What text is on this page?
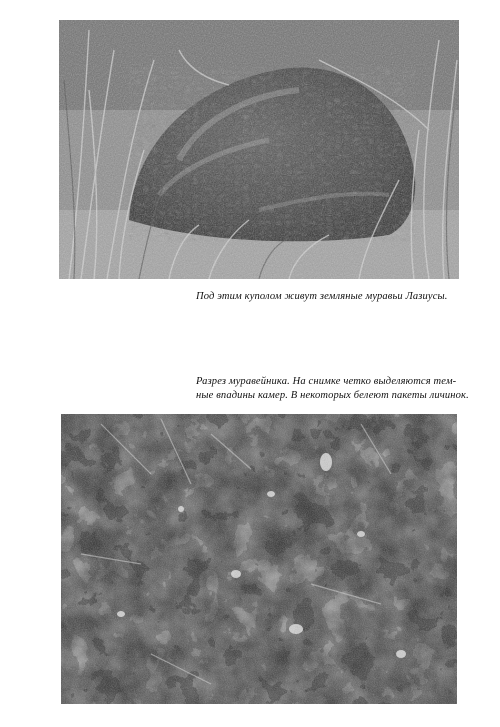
Под этим куполом живут земляные муравьи Лазиусы.
Разрез муравейника. На снимке четко выделяются тем-
ные впадины камер. В некоторых белеют пакеты личинок.
